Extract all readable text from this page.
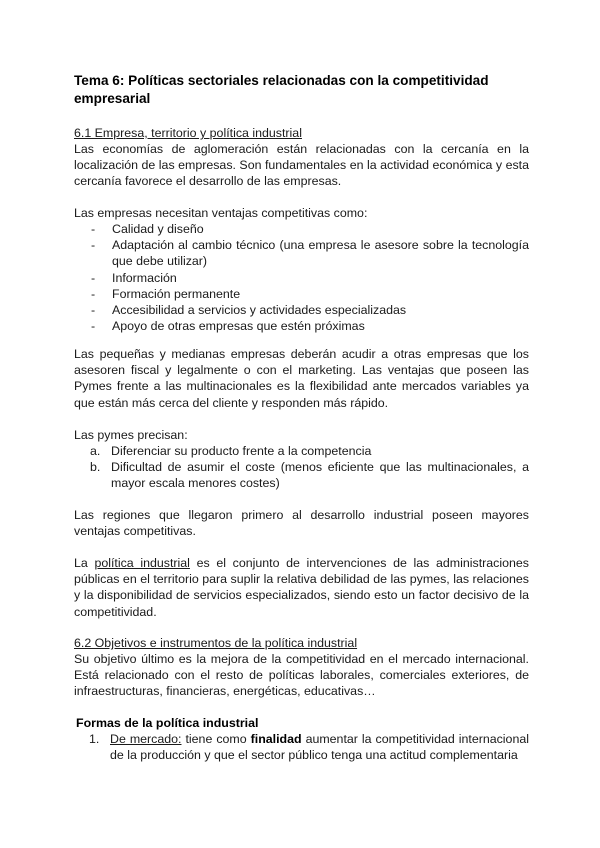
Tema 6: Políticas sectoriales relacionadas con la competitividad empresarial
6.1 Empresa, territorio y política industrial
Las economías de aglomeración están relacionadas con la cercanía en la localización de las empresas. Son fundamentales en la actividad económica y esta cercanía favorece el desarrollo de las empresas.
Las empresas necesitan ventajas competitivas como:
- Calidad y diseño
- Adaptación al cambio técnico (una empresa le asesore sobre la tecnología que debe utilizar)
- Información
- Formación permanente
- Accesibilidad a servicios y actividades especializadas
- Apoyo de otras empresas que estén próximas
Las pequeñas y medianas empresas deberán acudir a otras empresas que los asesoren fiscal y legalmente o con el marketing. Las ventajas que poseen las Pymes frente a las multinacionales es la flexibilidad ante mercados variables ya que están más cerca del cliente y responden más rápido.
Las pymes precisan:
a. Diferenciar su producto frente a la competencia
b. Dificultad de asumir el coste (menos eficiente que las multinacionales, a mayor escala menores costes)
Las regiones que llegaron primero al desarrollo industrial poseen mayores ventajas competitivas.
La política industrial es el conjunto de intervenciones de las administraciones públicas en el territorio para suplir la relativa debilidad de las pymes, las relaciones y la disponibilidad de servicios especializados, siendo esto un factor decisivo de la competitividad.
6.2 Objetivos e instrumentos de la política industrial
Su objetivo último es la mejora de la competitividad en el mercado internacional. Está relacionado con el resto de políticas laborales, comerciales exteriores, de infraestructuras, financieras, energéticas, educativas…
Formas de la política industrial
1. De mercado: tiene como finalidad aumentar la competitividad internacional de la producción y que el sector público tenga una actitud complementaria
